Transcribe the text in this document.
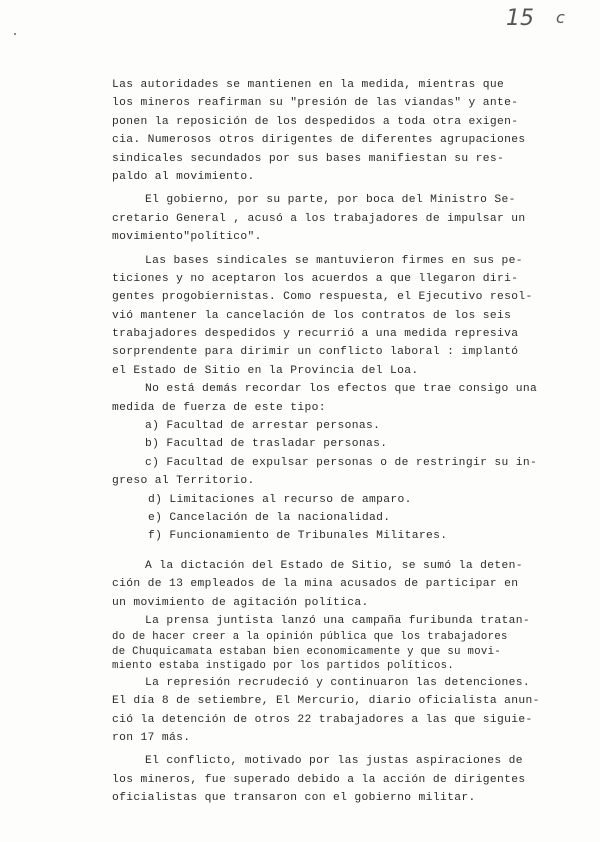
15 c
Las autoridades se mantienen en la medida, mientras que
los mineros reafirman su "presión de las viandas" y ante-
ponen la reposición de los despedidos a toda otra exigen-
cia. Numerosos otros dirigentes de diferentes agrupaciones
sindicales secundados por sus bases manifiestan su res-
paldo al movimiento.
El gobierno, por su parte, por boca del Ministro Se-
cretario General , acusó a los trabajadores de impulsar un
movimiento"político".
Las bases sindicales se mantuvieron firmes en sus pe-
ticiones y no aceptaron los acuerdos a que llegaron diri-
gentes progobiernistas. Como respuesta, el Ejecutivo resol-
vió mantener la cancelación de los contratos de los seis
trabajadores despedidos y recurrió a una medida represiva
sorprendente para dirimir un conflicto laboral : implantó
el Estado de Sitio en la Provincia del Loa.
No está demás recordar los efectos que trae consigo una
medida de fuerza de este tipo:
a) Facultad de arrestar personas.
b) Facultad de trasladar personas.
c) Facultad de expulsar personas o de restringir su in-
greso al Territorio.
d) Limitaciones al recurso de amparo.
e) Cancelación de la nacionalidad.
f) Funcionamiento de Tribunales Militares.
A la dictación del Estado de Sitio, se sumó la deten-
ción de 13 empleados de la mina acusados de participar en
un movimiento de agitación política.
La prensa juntista lanzó una campaña furibunda tratan-
do de hacer creer a la opinión pública que los trabajadores
de Chuquicamata estaban bien economicamente y que su movi-
miento estaba instigado por los partidos políticos.
La represión recrudeció y continuaron las detenciones.
El día 8 de setiembre, El Mercurio, diario oficialista anun-
ció la detención de otros 22 trabajadores a las que siguie-
ron 17 más.
El conflicto, motivado por las justas aspiraciones de
los mineros, fue superado debido a la acción de dirigentes
oficialistas que transaron con el gobierno militar.
